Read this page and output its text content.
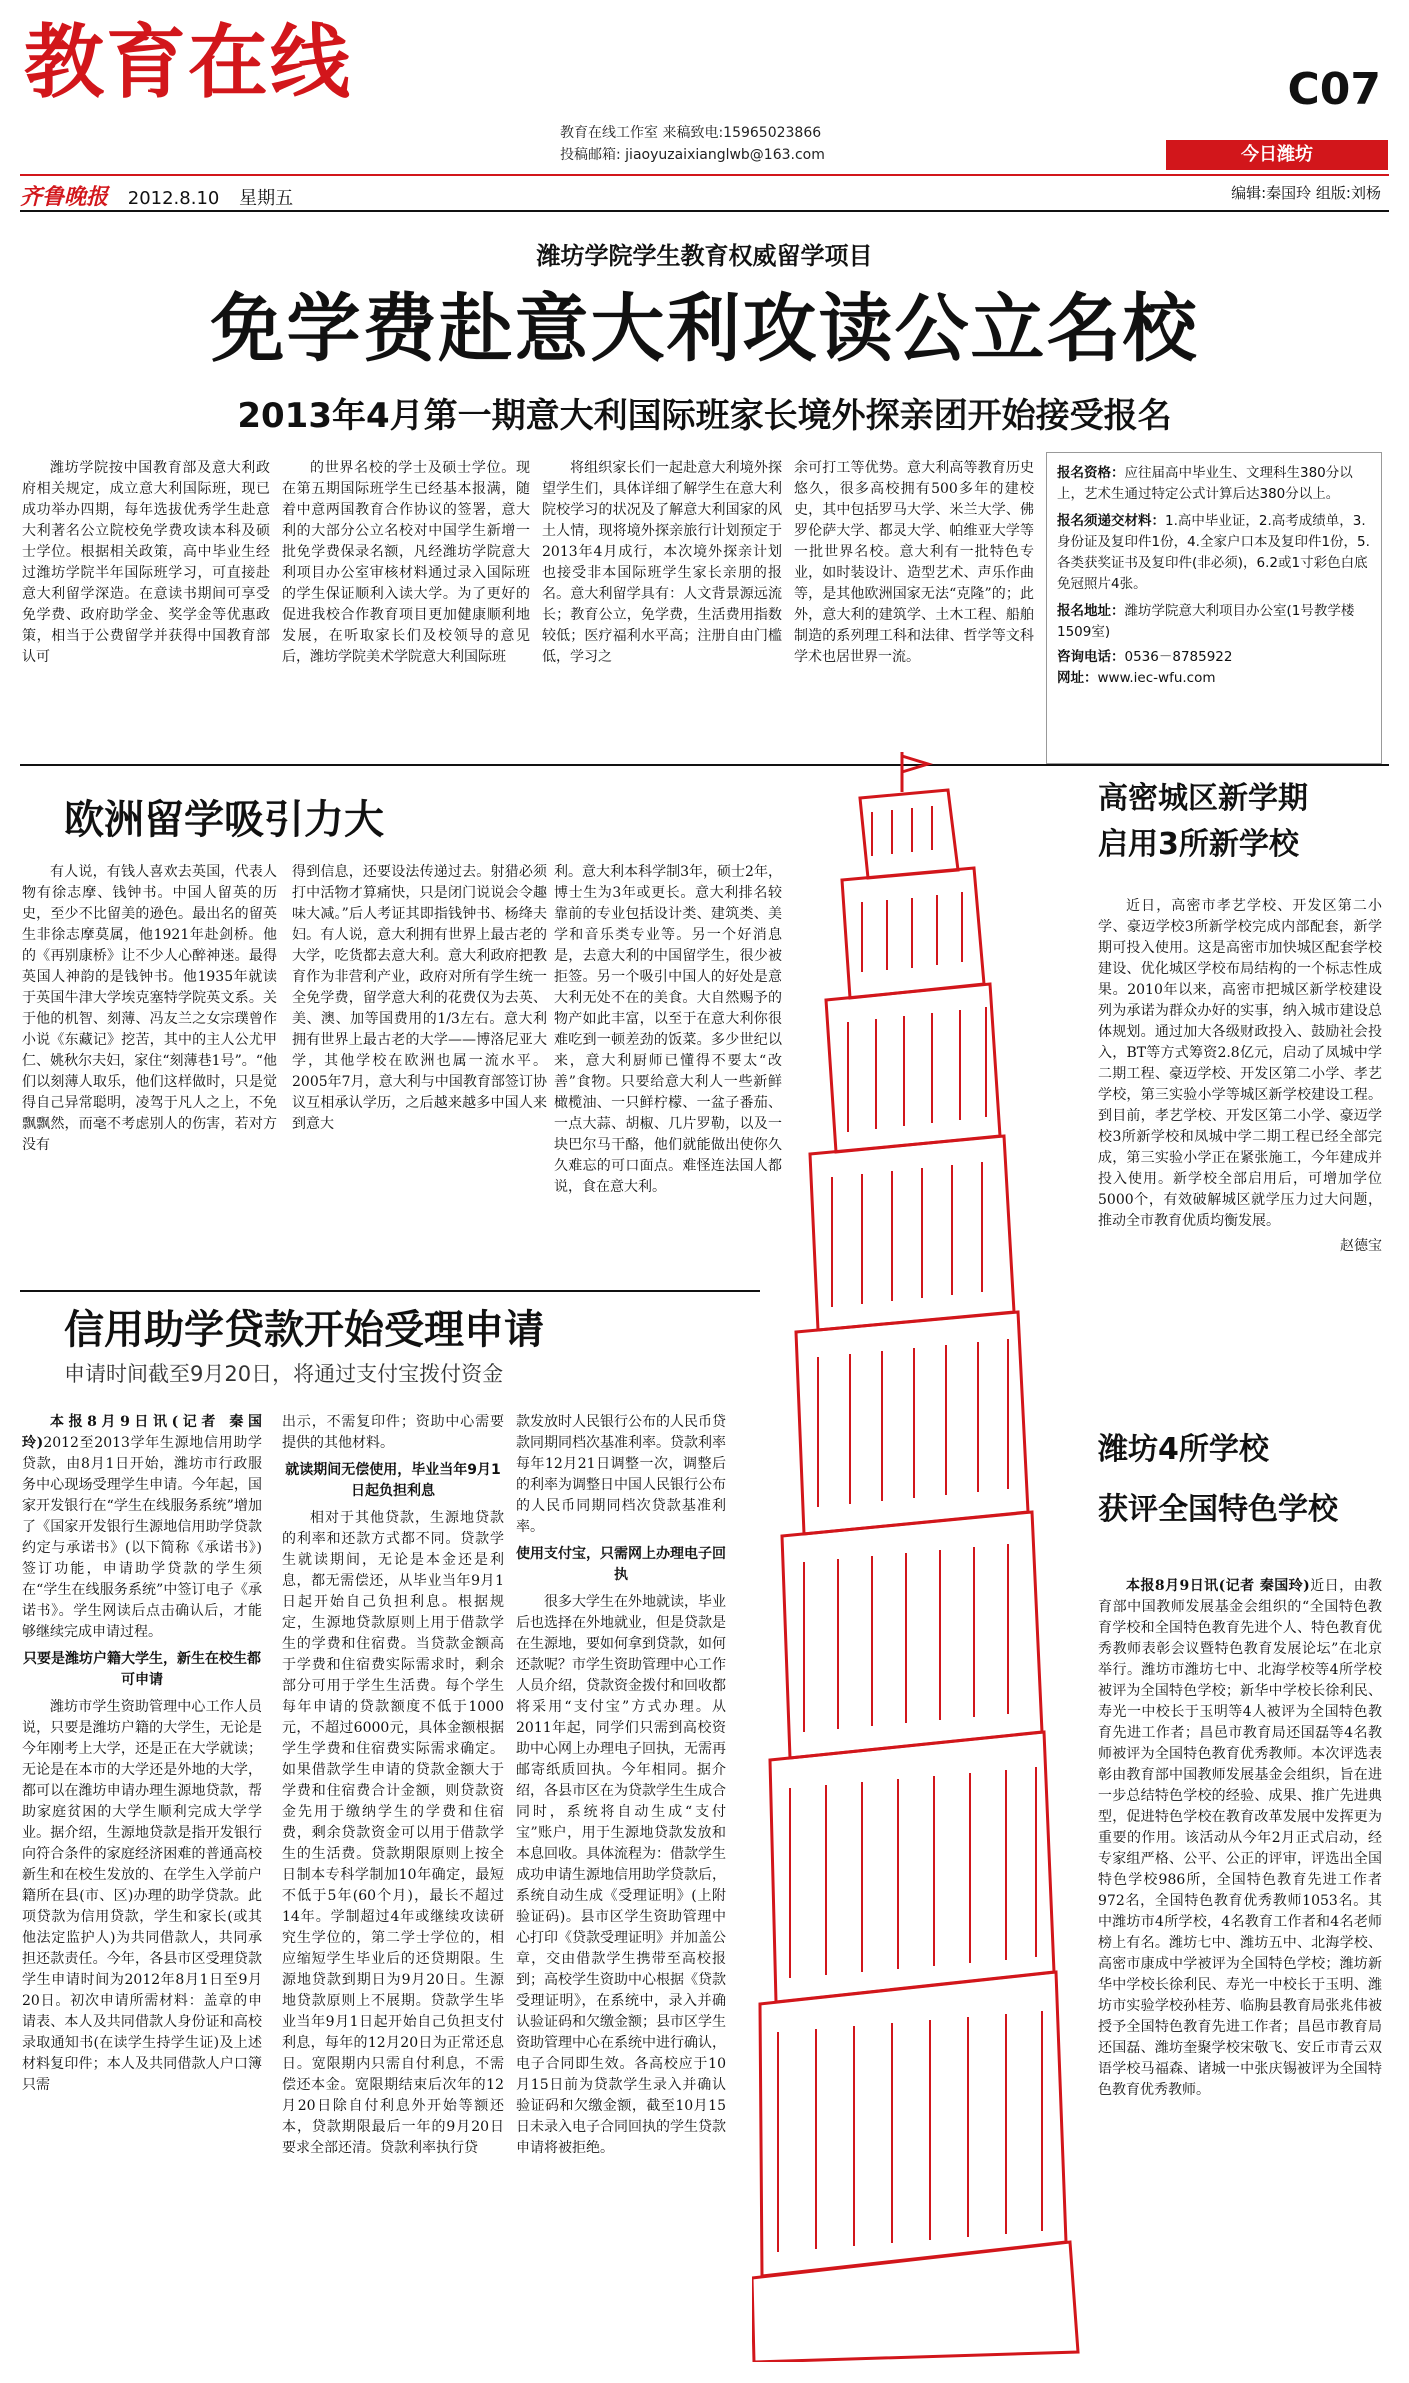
教育在线
教育在线工作室 来稿致电:15965023866
投稿邮箱: jiaoyuzaixianglwb@163.com
C07
今日潍坊
齐鲁晚报 2012.8.10 星期五	编辑:秦国玲 组版:刘杨
潍坊学院学生教育权威留学项目
免学费赴意大利攻读公立名校
2013年4月第一期意大利国际班家长境外探亲团开始接受报名

潍坊学院按中国教育部及意大利政府相关规定，成立意大利国际班，现已成功举办四期，每年选拔优秀学生赴意大利著名公立院校免学费攻读本科及硕士学位。根据相关政策，高中毕业生经过潍坊学院半年国际班学习，可直接赴意大利留学深造。在意读书期间可享受免学费、政府助学金、奖学金等优惠政策，相当于公费留学并获得中国教育部认可

的世界名校的学士及硕士学位。现在第五期国际班学生已经基本报满，随着中意两国教育合作协议的签署，意大利的大部分公立名校对中国学生新增一批免学费保录名额，凡经潍坊学院意大利项目办公室审核材料通过录入国际班的学生保证顺利入读大学。为了更好的促进我校合作教育项目更加健康顺利地发展，在听取家长们及校领导的意见后，潍坊学院美术学院意大利国际班

将组织家长们一起赴意大利境外探望学生们，具体详细了解学生在意大利院校学习的状况及了解意大利国家的风土人情，现将境外探亲旅行计划预定于2013年4月成行，本次境外探亲计划也接受非本国际班学生家长亲朋的报名。意大利留学具有：人文背景源远流长；教育公立，免学费，生活费用指数较低；医疗福利水平高；注册自由门槛低，学习之

余可打工等优势。意大利高等教育历史悠久，很多高校拥有500多年的建校史，其中包括罗马大学、米兰大学、佛罗伦萨大学、都灵大学、帕维亚大学等一批世界名校。意大利有一批特色专业，如时装设计、造型艺术、声乐作曲等，是其他欧洲国家无法“克隆”的；此外，意大利的建筑学、土木工程、船舶制造的系列理工科和法律、哲学等文科学术也居世界一流。

报名资格：应往届高中毕业生、文理科生380分以上，艺术生通过特定公式计算后达380分以上。
报名须递交材料：1.高中毕业证，2.高考成绩单，3.身份证及复印件1份，4.全家户口本及复印件1份，5.各类获奖证书及复印件(非必须)，6.2或1寸彩色白底免冠照片4张。
报名地址：潍坊学院意大利项目办公室(1号教学楼1509室)
咨询电话：0536－8785922
网址：www.iec-wfu.com
欧洲留学吸引力大

有人说，有钱人喜欢去英国，代表人物有徐志摩、钱钟书。中国人留英的历史，至少不比留美的逊色。最出名的留英生非徐志摩莫属，他1921年赴剑桥。他的《再别康桥》让不少人心醉神迷。最得英国人神韵的是钱钟书。他1935年就读于英国牛津大学埃克塞特学院英文系。关于他的机智、刻薄、冯友兰之女宗璞曾作小说《东藏记》挖苦，其中的主人公尤甲仁、姚秋尔夫妇，家住“刻薄巷1号”。“他们以刻薄人取乐，他们这样做时，只是觉得自己异常聪明，凌驾于凡人之上，不免飘飘然，而毫不考虑别人的伤害，若对方没有

得到信息，还要设法传递过去。射猎必须打中活物才算痛快，只是闭门说说会令趣味大减。”后人考证其即指钱钟书、杨绛夫妇。有人说，意大利拥有世界上最古老的大学，吃货都去意大利。意大利政府把教育作为非营利产业，政府对所有学生统一全免学费，留学意大利的花费仅为去英、美、澳、加等国费用的1/3左右。意大利拥有世界上最古老的大学——博洛尼亚大学，其他学校在欧洲也属一流水平。2005年7月，意大利与中国教育部签订协议互相承认学历，之后越来越多中国人来到意大

利。意大利本科学制3年，硕士2年，博士生为3年或更长。意大利排名较靠前的专业包括设计类、建筑类、美学和音乐类专业等。另一个好消息是，去意大利的中国留学生，很少被拒签。另一个吸引中国人的好处是意大利无处不在的美食。大自然赐予的物产如此丰富，以至于在意大利你很难吃到一顿差劲的饭菜。多少世纪以来，意大利厨师已懂得不要太“改善”食物。只要给意大利人一些新鲜橄榄油、一只鲜柠檬、一盆子番茄、一点大蒜、胡椒、几片罗勒，以及一块巴尔马干酪，他们就能做出使你久久难忘的可口面点。难怪连法国人都说，食在意大利。

信用助学贷款开始受理申请
申请时间截至9月20日，将通过支付宝拨付资金

本报8月9日讯(记者 秦国玲)2012至2013学年生源地信用助学贷款，由8月1日开始，潍坊市行政服务中心现场受理学生申请。今年起，国家开发银行在“学生在线服务系统”增加了《国家开发银行生源地信用助学贷款约定与承诺书》(以下简称《承诺书》)签订功能，申请助学贷款的学生须在“学生在线服务系统”中签订电子《承诺书》。学生网读后点击确认后，才能够继续完成申请过程。

只要是潍坊户籍大学生，新生在校生都可申请

潍坊市学生资助管理中心工作人员说，只要是潍坊户籍的大学生，无论是今年刚考上大学，还是正在大学就读；无论是在本市的大学还是外地的大学，都可以在潍坊申请办理生源地贷款，帮助家庭贫困的大学生顺利完成大学学业。据介绍，生源地贷款是指开发银行向符合条件的家庭经济困难的普通高校新生和在校生发放的、在学生入学前户籍所在县(市、区)办理的助学贷款。此项贷款为信用贷款，学生和家长(或其他法定监护人)为共同借款人，共同承担还款责任。今年，各县市区受理贷款学生申请时间为2012年8月1日至9月20日。初次申请所需材料：盖章的申请表、本人及共同借款人身份证和高校录取通知书(在读学生持学生证)及上述材料复印件；本人及共同借款人户口簿只需

出示，不需复印件；资助中心需要提供的其他材料。

就读期间无偿使用，毕业当年9月1日起负担利息

相对于其他贷款，生源地贷款的利率和还款方式都不同。贷款学生就读期间，无论是本金还是利息，都无需偿还，从毕业当年9月1日起开始自己负担利息。根据规定，生源地贷款原则上用于借款学生的学费和住宿费。当贷款金额高于学费和住宿费实际需求时，剩余部分可用于学生生活费。每个学生每年申请的贷款额度不低于1000元，不超过6000元，具体金额根据学生学费和住宿费实际需求确定。如果借款学生申请的贷款金额大于学费和住宿费合计金额，则贷款资金先用于缴纳学生的学费和住宿费，剩余贷款资金可以用于借款学生的生活费。贷款期限原则上按全日制本专科学制加10年确定，最短不低于5年(60个月)，最长不超过14年。学制超过4年或继续攻读研究生学位的，第二学士学位的，相应缩短学生毕业后的还贷期限。生源地贷款到期日为9月20日。生源地贷款原则上不展期。贷款学生毕业当年9月1日起开始自己负担支付利息，每年的12月20日为正常还息日。宽限期内只需自付利息，不需偿还本金。宽限期结束后次年的12月20日除自付利息外开始等额还本，贷款期限最后一年的9月20日要求全部还清。贷款利率执行贷

款发放时人民银行公布的人民币贷款同期同档次基准利率。贷款利率每年12月21日调整一次，调整后的利率为调整日中国人民银行公布的人民币同期同档次贷款基准利率。

使用支付宝，只需网上办理电子回执

很多大学生在外地就读，毕业后也选择在外地就业，但是贷款是在生源地，要如何拿到贷款，如何还款呢？市学生资助管理中心工作人员介绍，贷款资金拨付和回收都将采用“支付宝”方式办理。从2011年起，同学们只需到高校资助中心网上办理电子回执，无需再邮寄纸质回执。今年相同。据介绍，各县市区在为贷款学生生成合同时，系统将自动生成“支付宝”账户，用于生源地贷款发放和本息回收。具体流程为：借款学生成功申请生源地信用助学贷款后，系统自动生成《受理证明》(上附验证码)。县市区学生资助管理中心打印《贷款受理证明》并加盖公章，交由借款学生携带至高校报到；高校学生资助中心根据《贷款受理证明》，在系统中，录入并确认验证码和欠缴金额；县市区学生资助管理中心在系统中进行确认，电子合同即生效。各高校应于10月15日前为贷款学生录入并确认验证码和欠缴金额，截至10月15日未录入电子合同回执的学生贷款申请将被拒绝。

高密城区新学期
启用3所新学校

近日，高密市孝艺学校、开发区第二小学、豪迈学校3所新学校完成内部配套，新学期可投入使用。这是高密市加快城区配套学校建设、优化城区学校布局结构的一个标志性成果。2010年以来，高密市把城区新学校建设列为承诺为群众办好的实事，纳入城市建设总体规划。通过加大各级财政投入、鼓励社会投入，BT等方式筹资2.8亿元，启动了凤城中学二期工程、豪迈学校、开发区第二小学、孝艺学校，第三实验小学等城区新学校建设工程。到目前，孝艺学校、开发区第二小学、豪迈学校3所新学校和凤城中学二期工程已经全部完成，第三实验小学正在紧张施工，今年建成并投入使用。新学校全部启用后，可增加学位5000个，有效破解城区就学压力过大问题，推动全市教育优质均衡发展。

赵德宝
潍坊4所学校
获评全国特色学校

本报8月9日讯(记者 秦国玲)近日，由教育部中国教师发展基金会组织的“全国特色教育学校和全国特色教育先进个人、特色教育优秀教师表彰会议暨特色教育发展论坛”在北京举行。潍坊市潍坊七中、北海学校等4所学校被评为全国特色学校；新华中学校长徐利民、寿光一中校长于玉明等4人被评为全国特色教育先进工作者；昌邑市教育局还国磊等4名教师被评为全国特色教育优秀教师。本次评选表彰由教育部中国教师发展基金会组织，旨在进一步总结特色学校的经验、成果、推广先进典型，促进特色学校在教育改革发展中发挥更为重要的作用。该活动从今年2月正式启动，经专家组严格、公平、公正的评审，评选出全国特色学校986所，全国特色教育先进工作者972名，全国特色教育优秀教师1053名。其中潍坊市4所学校，4名教育工作者和4名老师榜上有名。潍坊七中、潍坊五中、北海学校、高密市康成中学被评为全国特色学校；潍坊新华中学校长徐利民、寿光一中校长于玉明、潍坊市实验学校孙桂芳、临朐县教育局张兆伟被授予全国特色教育先进工作者；昌邑市教育局还国磊、潍坊奎聚学校宋敬飞、安丘市青云双语学校马福森、诸城一中张庆锡被评为全国特色教育优秀教师。
